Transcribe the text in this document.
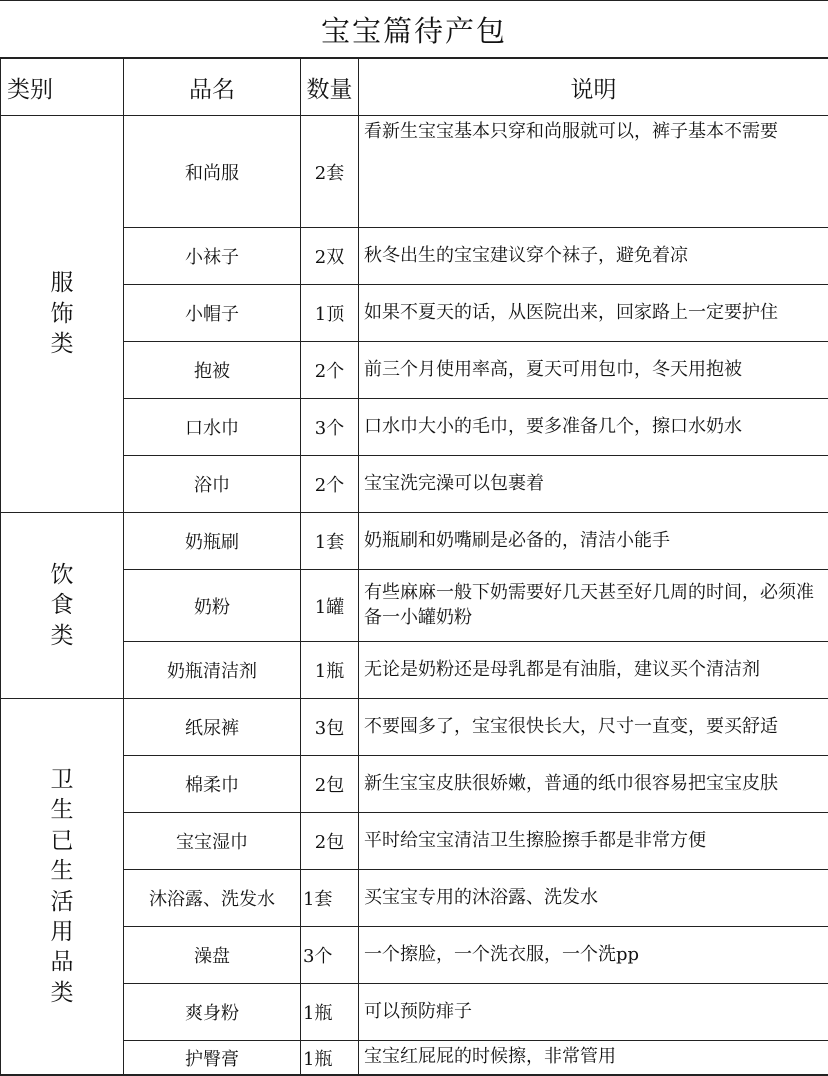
宝宝篇待产包
类别	品名	数量	说明
服饰类	和尚服	2套	看新生宝宝基本只穿和尚服就可以，裤子基本不需要
	小袜子	2双	秋冬出生的宝宝建议穿个袜子，避免着凉
	小帽子	1顶	如果不夏天的话，从医院出来，回家路上一定要护住
	抱被	2个	前三个月使用率高，夏天可用包巾，冬天用抱被
	口水巾	3个	口水巾大小的毛巾，要多准备几个，擦口水奶水
	浴巾	2个	宝宝洗完澡可以包裹着
饮食类	奶瓶刷	1套	奶瓶刷和奶嘴刷是必备的，清洁小能手
	奶粉	1罐	有些麻麻一般下奶需要好几天甚至好几周的时间，必须准备一小罐奶粉
	奶瓶清洁剂	1瓶	无论是奶粉还是母乳都是有油脂，建议买个清洁剂
卫生已生活用品类	纸尿裤	3包	不要囤多了，宝宝很快长大，尺寸一直变，要买舒适
	棉柔巾	2包	新生宝宝皮肤很娇嫩，普通的纸巾很容易把宝宝皮肤
	宝宝湿巾	2包	平时给宝宝清洁卫生擦脸擦手都是非常方便
	沐浴露、洗发水	1套	买宝宝专用的沐浴露、洗发水
	澡盘	3个	一个擦脸，一个洗衣服，一个洗pp
	爽身粉	1瓶	可以预防痱子
	护臀膏	1瓶	宝宝红屁屁的时候擦，非常管用
